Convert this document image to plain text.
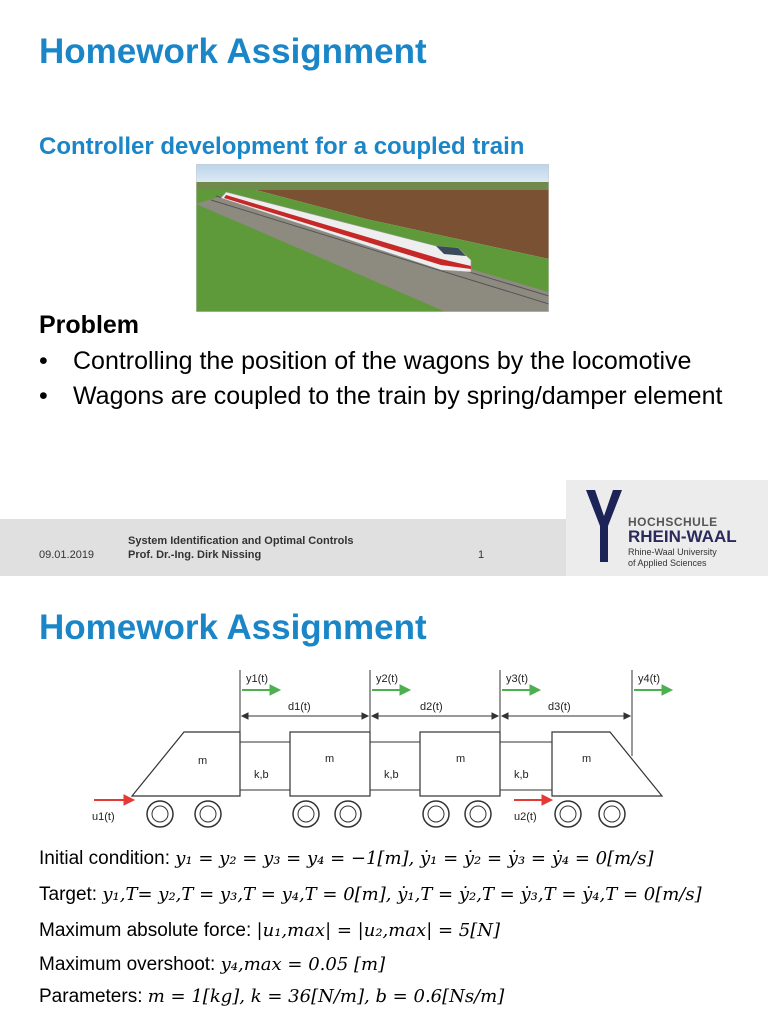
Homework Assignment
Controller development for a coupled train
Problem
• Controlling the position of the wagons by the locomotive
• Wagons are coupled to the train by spring/damper element
09.01.2019
System Identification and Optimal Controls
Prof. Dr.-Ing. Dirk Nissing	1
HOCHSCHULE
RHEIN-WAAL
Rhine-Waal University
of Applied Sciences
Homework Assignment
y1(t)	y2(t)	y3(t)	y4(t)
d1(t)	d2(t)	d3(t)
m	m	m	m
k,b	k,b	k,b
u1(t)	u2(t)
Initial condition: y₁ = y₂ = y₃ = y₄ = −1[m], ẏ₁ = ẏ₂ = ẏ₃ = ẏ₄ = 0[m/s]
Target: y₁,T= y₂,T = y₃,T = y₄,T = 0[m], ẏ₁,T = ẏ₂,T = ẏ₃,T = ẏ₄,T = 0[m/s]
Maximum absolute force: |u₁,max| = |u₂,max| = 5[N]
Maximum overshoot: y₄,max = 0.05 [m]
Parameters: m = 1[kg], k = 36[N/m], b = 0.6[Ns/m]
